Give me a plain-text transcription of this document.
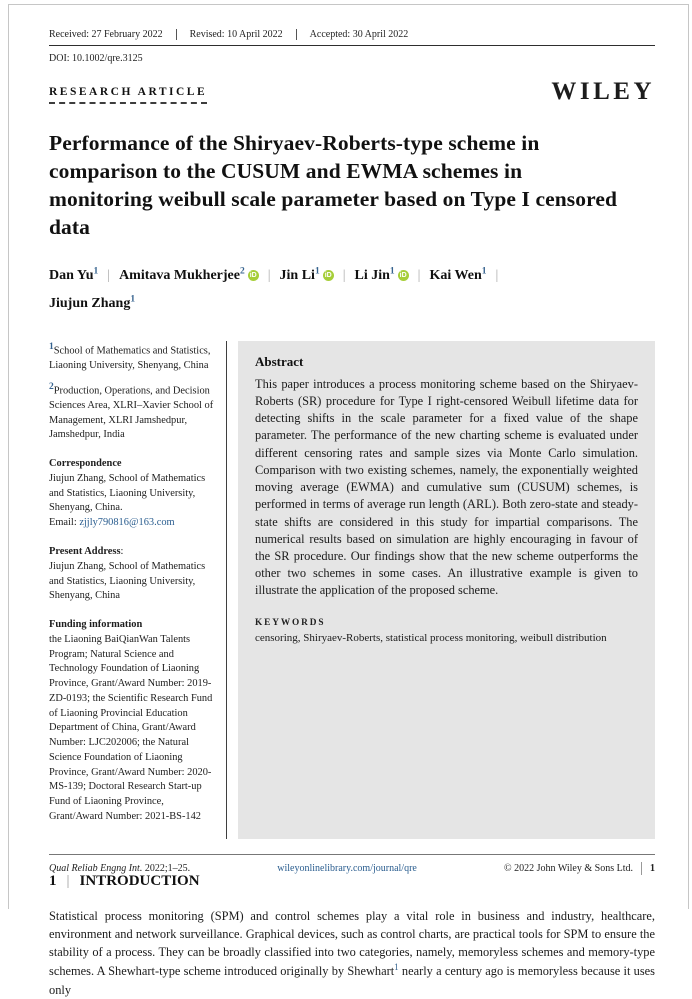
Received: 27 February 2022	Revised: 10 April 2022	Accepted: 30 April 2022
DOI: 10.1002/qre.3125
RESEARCH ARTICLE	WILEY
Performance of the Shiryaev-Roberts-type scheme in comparison to the CUSUM and EWMA schemes in monitoring weibull scale parameter based on Type I censored data
Dan Yu$^1$ | Amitava Mukherjee$^2$ iD | Jin Li$^1$ iD | Li Jin$^1$ iD | Kai Wen$^1$ |
Jiujun Zhang$^1$

$^1$School of Mathematics and Statistics, Liaoning University, Shenyang, China

$^2$Production, Operations, and Decision Sciences Area, XLRI–Xavier School of Management, XLRI Jamshedpur, Jamshedpur, India

Correspondence
Jiujun Zhang, School of Mathematics and Statistics, Liaoning University, Shenyang, China.
Email: zjjly790816@163.com
Present Address:
Jiujun Zhang, School of Mathematics and Statistics, Liaoning University, Shenyang, China
Funding information
the Liaoning BaiQianWan Talents Program; Natural Science and Technology Foundation of Liaoning Province, Grant/Award Number: 2019-ZD-0193; the Scientific Research Fund of Liaoning Provincial Education Department of China, Grant/Award Number: LJC202006; the Natural Science Foundation of Liaoning Province, Grant/Award Number: 2020-MS-139; Doctoral Research Start-up Fund of Liaoning Province, Grant/Award Number: 2021-BS-142
Abstract

This paper introduces a process monitoring scheme based on the Shiryaev-Roberts (SR) procedure for Type I right-censored Weibull lifetime data for detecting shifts in the scale parameter for a fixed value of the shape parameter. The performance of the new charting scheme is evaluated under different censoring rates and sample sizes via Monte Carlo simulation. Comparison with two existing schemes, namely, the exponentially weighted moving average (EWMA) and cumulative sum (CUSUM) schemes, is performed in terms of average run length (ARL). Both zero-state and steady-state shifts are considered in this study for impartial comparisons. The numerical results based on simulation are highly encouraging in favour of the SR procedure. Our findings show that the new scheme outperforms the other two schemes in some cases. An illustrative example is given to illustrate the application of the proposed scheme.

KEYWORDS
censoring, Shiryaev-Roberts, statistical process monitoring, weibull distribution
1 | INTRODUCTION

Statistical process monitoring (SPM) and control schemes play a vital role in business and industry, healthcare, environment and network surveillance. Graphical devices, such as control charts, are practical tools for SPM to ensure the stability of a process. They can be broadly classified into two categories, namely, memoryless schemes and memory-type schemes. A Shewhart-type scheme introduced originally by Shewhart$^1$ nearly a century ago is memoryless because it uses only

Qual Reliab Engng Int. 2022;1–25.	wileyonlinelibrary.com/journal/qre	© 2022 John Wiley & Sons Ltd. 1
